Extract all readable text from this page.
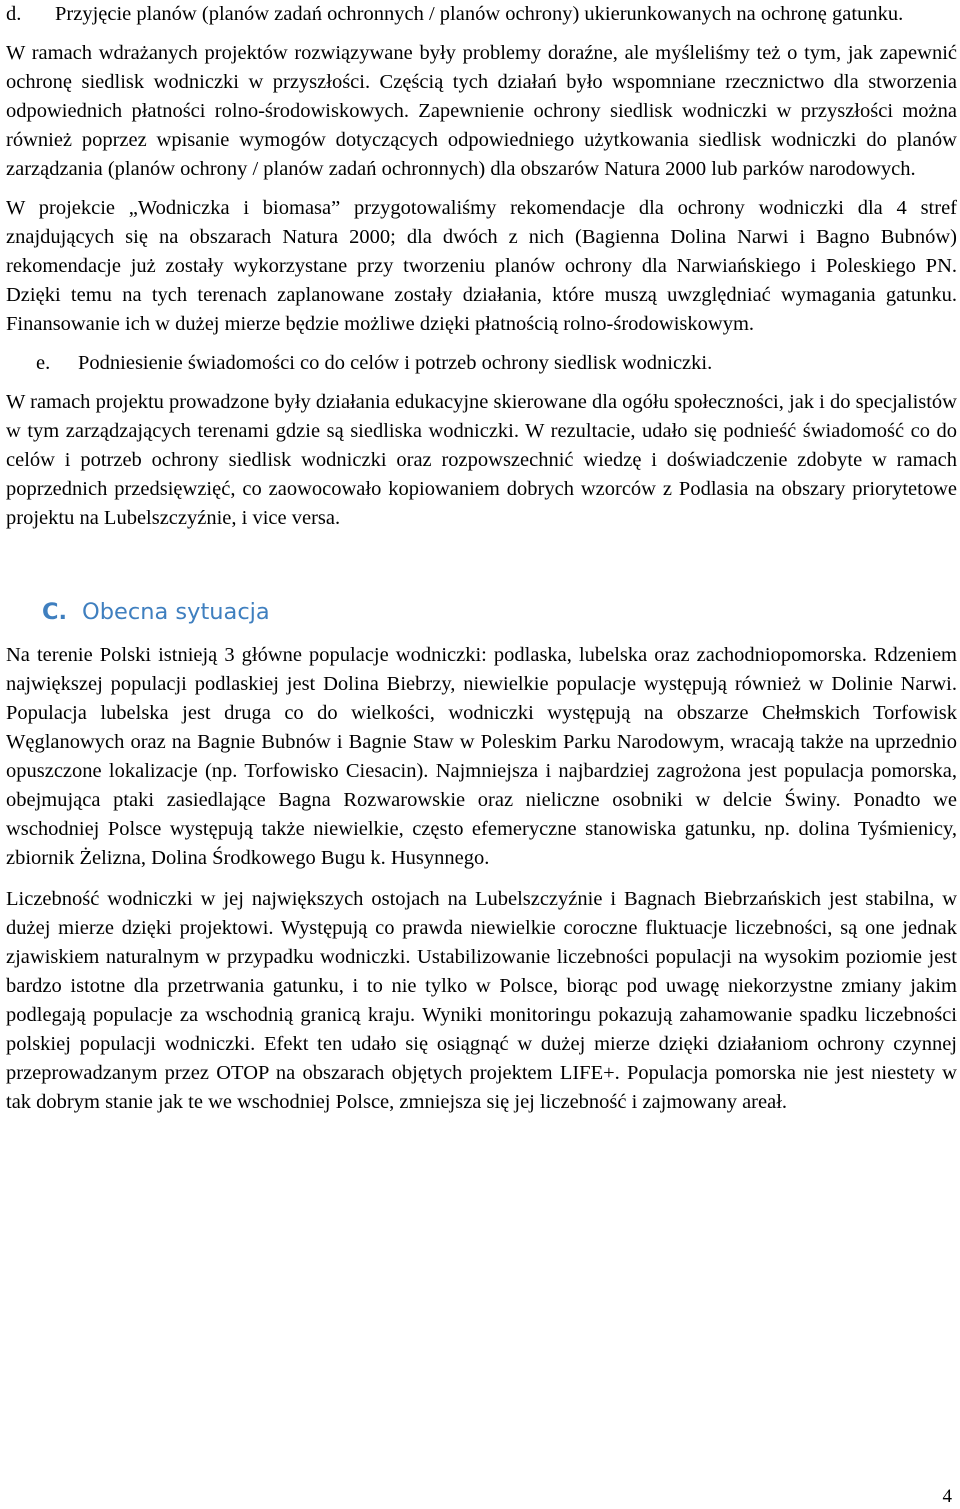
d.	Przyjęcie planów (planów zadań ochronnych / planów ochrony) ukierunkowanych na ochronę gatunku.

W ramach wdrażanych projektów rozwiązywane były problemy doraźne, ale myśleliśmy też o tym, jak zapewnić ochronę siedlisk wodniczki w przyszłości. Częścią tych działań było wspomniane rzecznictwo dla stworzenia odpowiednich płatności rolno-środowiskowych. Zapewnienie ochrony siedlisk wodniczki w przyszłości można również poprzez wpisanie wymogów dotyczących odpowiedniego użytkowania siedlisk wodniczki do planów zarządzania (planów ochrony / planów zadań ochronnych) dla obszarów Natura 2000 lub parków narodowych.

W projekcie „Wodniczka i biomasa” przygotowaliśmy rekomendacje dla ochrony wodniczki dla 4 stref znajdujących się na obszarach Natura 2000; dla dwóch z nich (Bagienna Dolina Narwi i Bagno Bubnów) rekomendacje już zostały wykorzystane przy tworzeniu planów ochrony dla Narwiańskiego i Poleskiego PN. Dzięki temu na tych terenach zaplanowane zostały działania, które muszą uwzględniać wymagania gatunku. Finansowanie ich w dużej mierze będzie możliwe dzięki płatnością rolno-środowiskowym.

e.	Podniesienie świadomości co do celów i potrzeb ochrony siedlisk wodniczki.

W ramach projektu prowadzone były działania edukacyjne skierowane dla ogółu społeczności, jak i do specjalistów w tym zarządzających terenami gdzie są siedliska wodniczki. W rezultacie, udało się podnieść świadomość co do celów i potrzeb ochrony siedlisk wodniczki oraz rozpowszechnić wiedzę i doświadczenie zdobyte w ramach poprzednich przedsięwzięć, co zaowocowało kopiowaniem dobrych wzorców z Podlasia na obszary priorytetowe projektu na Lubelszczyźnie, i vice versa.

C. Obecna sytuacja

Na terenie Polski istnieją 3 główne populacje wodniczki: podlaska, lubelska oraz zachodniopomorska. Rdzeniem największej populacji podlaskiej jest Dolina Biebrzy, niewielkie populacje występują również w Dolinie Narwi. Populacja lubelska jest druga co do wielkości, wodniczki występują na obszarze Chełmskich Torfowisk Węglanowych oraz na Bagnie Bubnów i Bagnie Staw w Poleskim Parku Narodowym, wracają także na uprzednio opuszczone lokalizacje (np. Torfowisko Ciesacin). Najmniejsza i najbardziej zagrożona jest populacja pomorska, obejmująca ptaki zasiedlające Bagna Rozwarowskie oraz nieliczne osobniki w delcie Świny. Ponadto we wschodniej Polsce występują także niewielkie, często efemeryczne stanowiska gatunku, np. dolina Tyśmienicy, zbiornik Żelizna, Dolina Środkowego Bugu k. Husynnego.

Liczebność wodniczki w jej największych ostojach na Lubelszczyźnie i Bagnach Biebrzańskich jest stabilna, w dużej mierze dzięki projektowi. Występują co prawda niewielkie coroczne fluktuacje liczebności, są one jednak zjawiskiem naturalnym w przypadku wodniczki. Ustabilizowanie liczebności populacji na wysokim poziomie jest bardzo istotne dla przetrwania gatunku, i to nie tylko w Polsce, biorąc pod uwagę niekorzystne zmiany jakim podlegają populacje za wschodnią granicą kraju. Wyniki monitoringu pokazują zahamowanie spadku liczebności polskiej populacji wodniczki. Efekt ten udało się osiągnąć w dużej mierze dzięki działaniom ochrony czynnej przeprowadzanym przez OTOP na obszarach objętych projektem LIFE+. Populacja pomorska nie jest niestety w tak dobrym stanie jak te we wschodniej Polsce, zmniejsza się jej liczebność i zajmowany areał.

4
